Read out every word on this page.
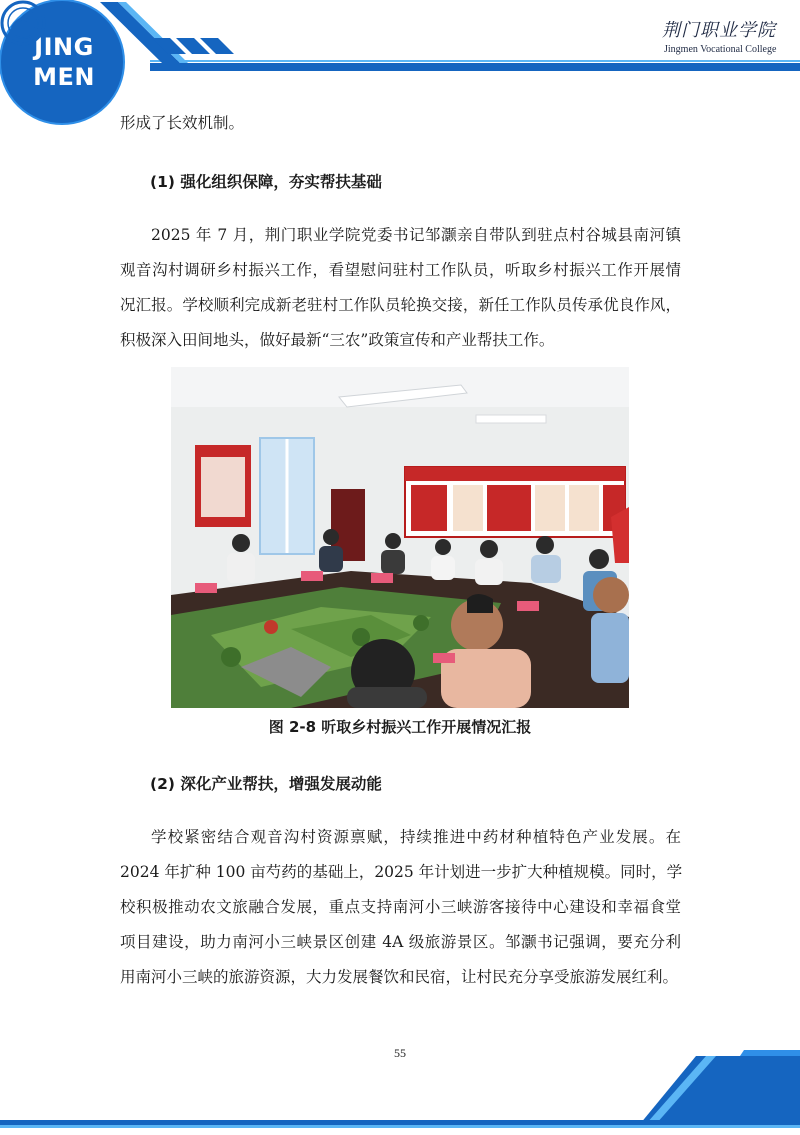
JING
MEN
荆门职业学院
Jingmen Vocational College
形成了长效机制。
(1) 强化组织保障，夯实帮扶基础
2025 年 7 月，荆门职业学院党委书记邹灏亲自带队到驻点村谷城县南河镇
观音沟村调研乡村振兴工作，看望慰问驻村工作队员，听取乡村振兴工作开展情
况汇报。学校顺利完成新老驻村工作队员轮换交接，新任工作队员传承优良作风，
积极深入田间地头，做好最新“三农”政策宣传和产业帮扶工作。
图 2-8 听取乡村振兴工作开展情况汇报
(2) 深化产业帮扶，增强发展动能
学校紧密结合观音沟村资源禀赋，持续推进中药材种植特色产业发展。在
2024 年扩种 100 亩芍药的基础上，2025 年计划进一步扩大种植规模。同时，学
校积极推动农文旅融合发展，重点支持南河小三峡游客接待中心建设和幸福食堂
项目建设，助力南河小三峡景区创建 4A 级旅游景区。邹灏书记强调，要充分利
用南河小三峡的旅游资源，大力发展餐饮和民宿，让村民充分享受旅游发展红利。
55
